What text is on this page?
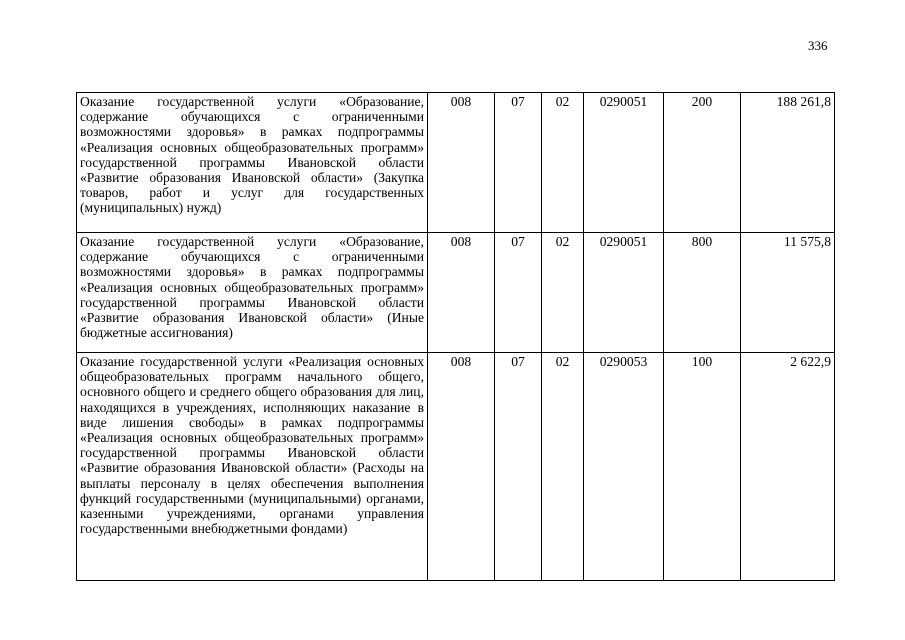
336
Оказание государственной услуги «Образование, содержание обучающихся с ограниченными возможностями здоровья» в рамках подпрограммы «Реализация основных общеобразовательных программ» государственной программы Ивановской области «Развитие образования Ивановской области» (Закупка товаров, работ и услуг для государственных (муниципальных) нужд)	008	07	02	0290051	200	188 261,8
Оказание государственной услуги «Образование, содержание обучающихся с ограниченными возможностями здоровья» в рамках подпрограммы «Реализация основных общеобразовательных программ» государственной программы Ивановской области «Развитие образования Ивановской области» (Иные бюджетные ассигнования)	008	07	02	0290051	800	11 575,8
Оказание государственной услуги «Реализация основных общеобразовательных программ начального общего, основного общего и среднего общего образования для лиц, находящихся в учреждениях, исполняющих наказание в виде лишения свободы» в рамках подпрограммы «Реализация основных общеобразовательных программ» государственной программы Ивановской области «Развитие образования Ивановской области» (Расходы на выплаты персоналу в целях обеспечения выполнения функций государственными (муниципальными) органами, казенными учреждениями, органами управления государственными внебюджетными фондами)	008	07	02	0290053	100	2 622,9
